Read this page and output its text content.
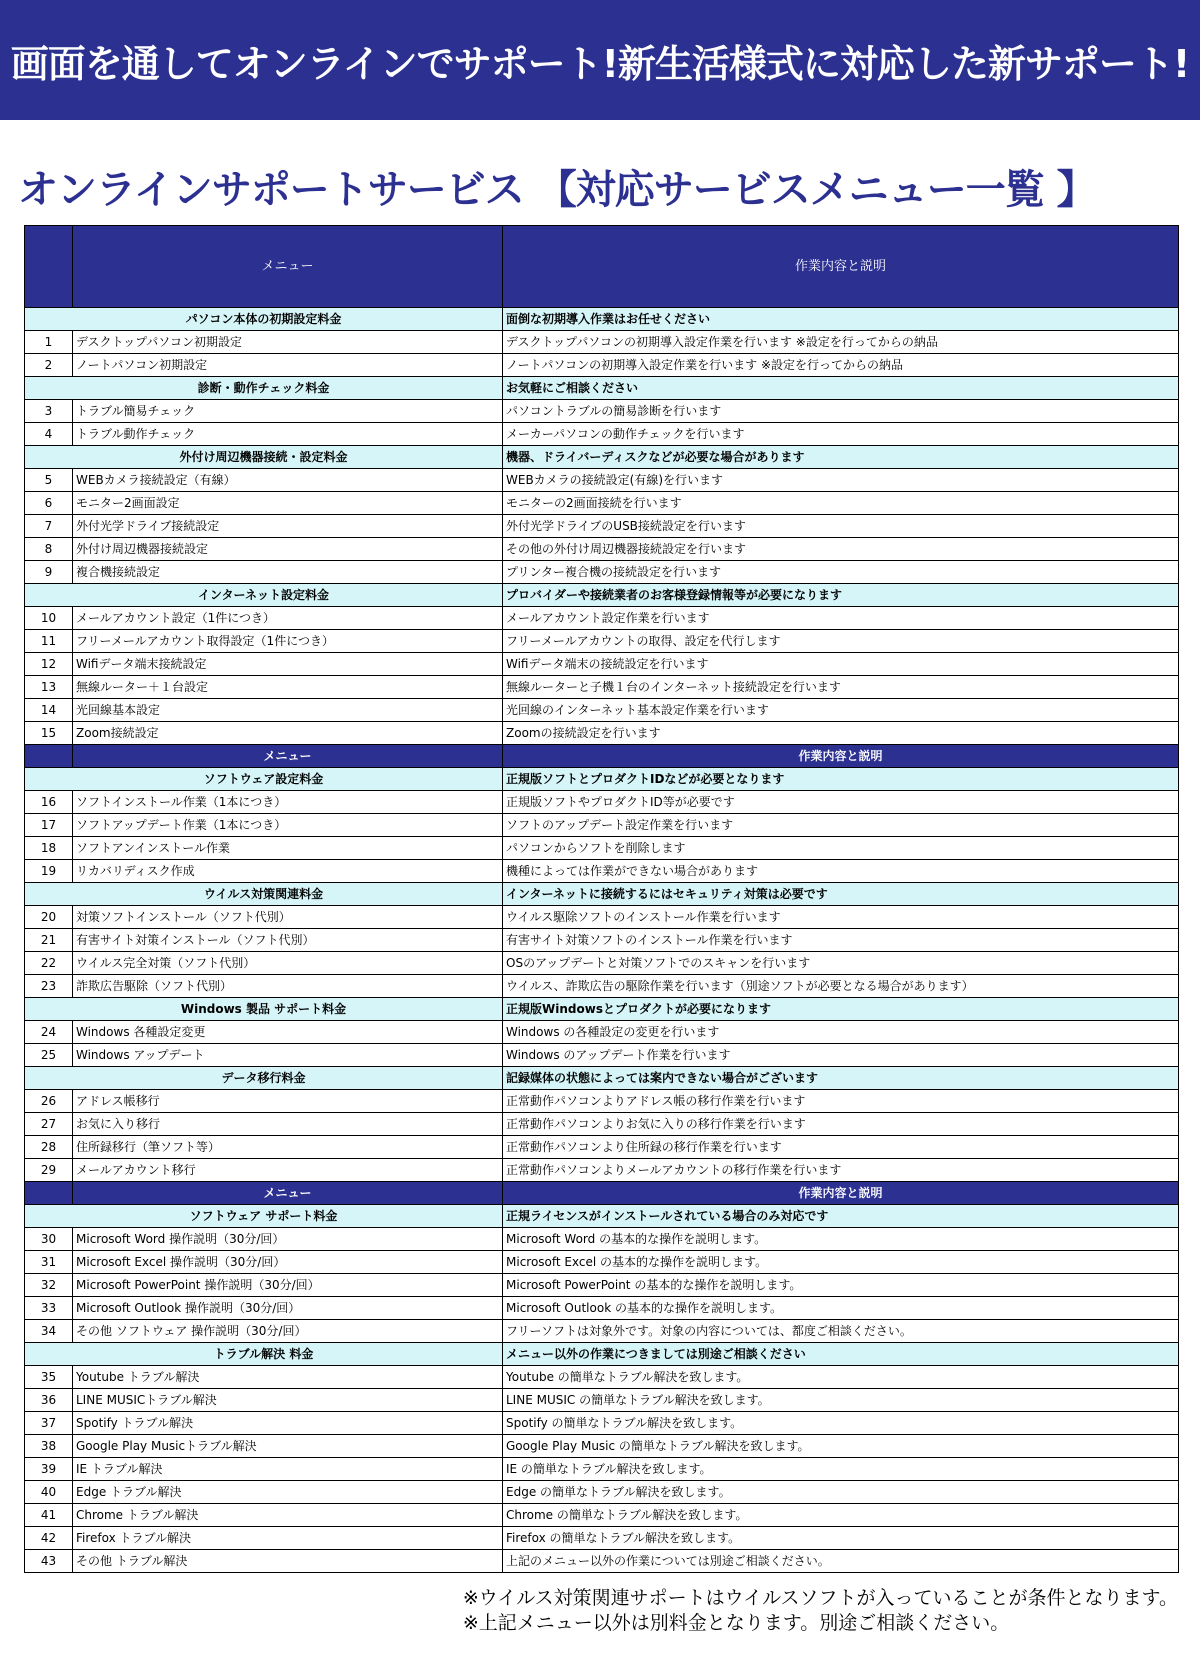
画面を通してオンラインでサポート!新生活様式に対応した新サポート!
オンラインサポートサービス 【対応サービスメニュー一覧 】
	メニュー	作業内容と説明
パソコン本体の初期設定料金		面倒な初期導入作業はお任せください
1	デスクトップパソコン初期設定	デスクトップパソコンの初期導入設定作業を行います ※設定を行ってからの納品
2	ノートパソコン初期設定	ノートパソコンの初期導入設定作業を行います ※設定を行ってからの納品
診断・動作チェック料金		お気軽にご相談ください
3	トラブル簡易チェック	パソコントラブルの簡易診断を行います
4	トラブル動作チェック	メーカーパソコンの動作チェックを行います
外付け周辺機器接続・設定料金		機器、ドライバーディスクなどが必要な場合があります
5	WEBカメラ接続設定（有線）	WEBカメラの接続設定(有線)を行います
6	モニター2画面設定	モニターの2画面接続を行います
7	外付光学ドライブ接続設定	外付光学ドライブのUSB接続設定を行います
8	外付け周辺機器接続設定	その他の外付け周辺機器接続設定を行います
9	複合機接続設定	プリンター複合機の接続設定を行います
インターネット設定料金		プロバイダーや接続業者のお客様登録情報等が必要になります
10	メールアカウント設定（1件につき）	メールアカウント設定作業を行います
11	フリーメールアカウント取得設定（1件につき）	フリーメールアカウントの取得、設定を代行します
12	Wifiデータ端末接続設定	Wifiデータ端末の接続設定を行います
13	無線ルーター＋１台設定	無線ルーターと子機１台のインターネット接続設定を行います
14	光回線基本設定	光回線のインターネット基本設定作業を行います
15	Zoom接続設定	Zoomの接続設定を行います
	メニュー	作業内容と説明
ソフトウェア設定料金		正規版ソフトとプロダクトIDなどが必要となります
16	ソフトインストール作業（1本につき）	正規版ソフトやプロダクトID等が必要です
17	ソフトアップデート作業（1本につき）	ソフトのアップデート設定作業を行います
18	ソフトアンインストール作業	パソコンからソフトを削除します
19	リカバリディスク作成	機種によっては作業ができない場合があります
ウイルス対策関連料金		インターネットに接続するにはセキュリティ対策は必要です
20	対策ソフトインストール（ソフト代別）	ウイルス駆除ソフトのインストール作業を行います
21	有害サイト対策インストール（ソフト代別）	有害サイト対策ソフトのインストール作業を行います
22	ウイルス完全対策（ソフト代別）	OSのアップデートと対策ソフトでのスキャンを行います
23	詐欺広告駆除（ソフト代別）	ウイルス、詐欺広告の駆除作業を行います（別途ソフトが必要となる場合があります）
Windows 製品 サポート料金		正規版Windowsとプロダクトが必要になります
24	Windows 各種設定変更	Windows の各種設定の変更を行います
25	Windows アップデート	Windows のアップデート作業を行います
データ移行料金		記録媒体の状態によっては案内できない場合がございます
26	アドレス帳移行	正常動作パソコンよりアドレス帳の移行作業を行います
27	お気に入り移行	正常動作パソコンよりお気に入りの移行作業を行います
28	住所録移行（筆ソフト等）	正常動作パソコンより住所録の移行作業を行います
29	メールアカウント移行	正常動作パソコンよりメールアカウントの移行作業を行います
	メニュー	作業内容と説明
ソフトウェア サポート料金		正規ライセンスがインストールされている場合のみ対応です
30	Microsoft Word 操作説明（30分/回）	Microsoft Word の基本的な操作を説明します。
31	Microsoft Excel 操作説明（30分/回）	Microsoft Excel の基本的な操作を説明します。
32	Microsoft PowerPoint 操作説明（30分/回）	Microsoft PowerPoint の基本的な操作を説明します。
33	Microsoft Outlook 操作説明（30分/回）	Microsoft Outlook の基本的な操作を説明します。
34	その他 ソフトウェア 操作説明（30分/回）	フリーソフトは対象外です。対象の内容については、都度ご相談ください。
トラブル解決 料金		メニュー以外の作業につきましては別途ご相談ください
35	Youtube トラブル解決	Youtube の簡単なトラブル解決を致します。
36	LINE MUSICトラブル解決	LINE MUSIC の簡単なトラブル解決を致します。
37	Spotify トラブル解決	Spotify の簡単なトラブル解決を致します。
38	Google Play Musicトラブル解決	Google Play Music の簡単なトラブル解決を致します。
39	IE トラブル解決	IE の簡単なトラブル解決を致します。
40	Edge トラブル解決	Edge の簡単なトラブル解決を致します。
41	Chrome トラブル解決	Chrome の簡単なトラブル解決を致します。
42	Firefox トラブル解決	Firefox の簡単なトラブル解決を致します。
43	その他 トラブル解決	上記のメニュー以外の作業については別途ご相談ください。
※ウイルス対策関連サポートはウイルスソフトが入っていることが条件となります。
※上記メニュー以外は別料金となります。別途ご相談ください。
